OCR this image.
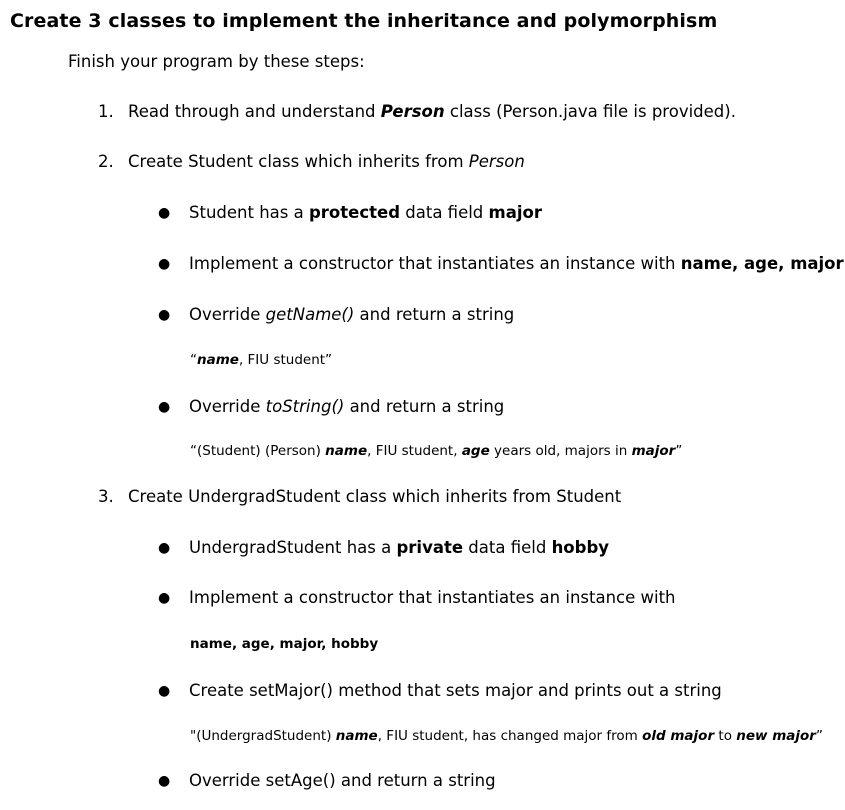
Create 3 classes to implement the inheritance and polymorphism
Finish your program by these steps:
1. Read through and understand Person class (Person.java file is provided).
2. Create Student class which inherits from Person
● Student has a protected data field major
● Implement a constructor that instantiates an instance with name, age, major
● Override getName() and return a string
“name, FIU student”
● Override toString() and return a string
“(Student) (Person) name, FIU student, age years old, majors in major”
3. Create UndergradStudent class which inherits from Student
● UndergradStudent has a private data field hobby
● Implement a constructor that instantiates an instance with
name, age, major, hobby
● Create setMajor() method that sets major and prints out a string
"(UndergradStudent) name, FIU student, has changed major from old major to new major”
● Override setAge() and return a string
